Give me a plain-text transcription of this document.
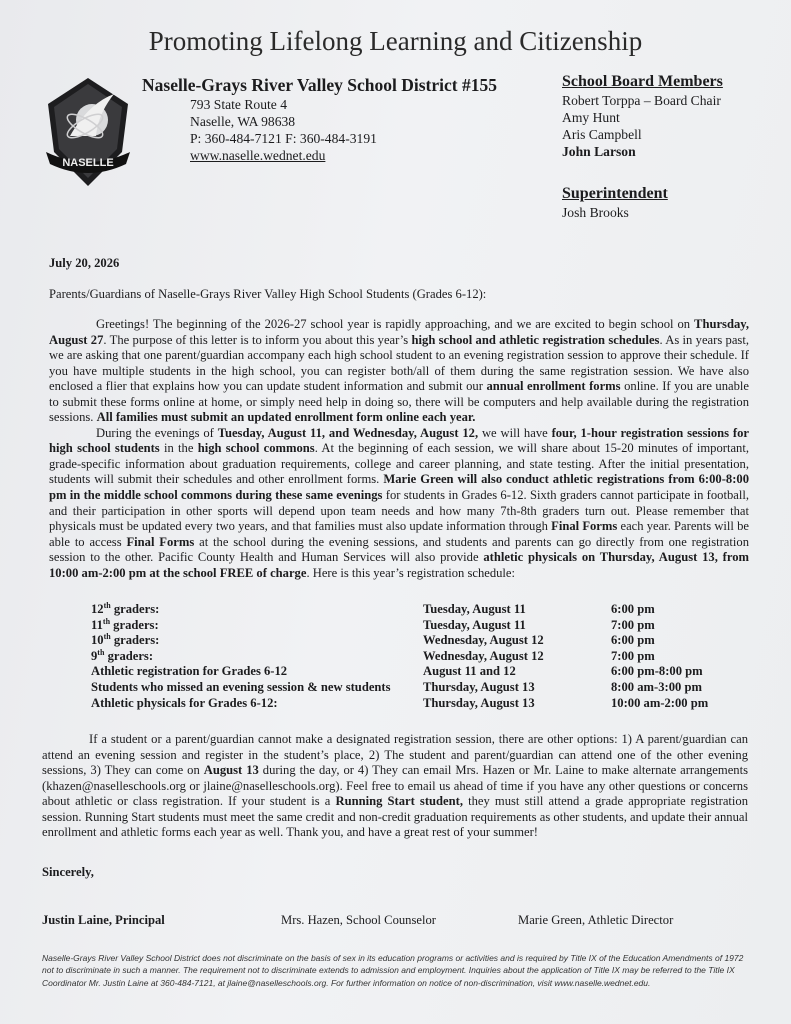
Promoting Lifelong Learning and Citizenship
NASELLE
Naselle-Grays River Valley School District #155
793 State Route 4
Naselle, WA 98638
P: 360-484-7121 F: 360-484-3191
www.naselle.wednet.edu
School Board Members
Robert Torppa – Board Chair
Amy Hunt
Aris Campbell
John Larson
Superintendent
Josh Brooks
July 20, 2026
Parents/Guardians of Naselle-Grays River Valley High School Students (Grades 6-12):

Greetings! The beginning of the 2026-27 school year is rapidly approaching, and we are excited to begin school on Thursday, August 27. The purpose of this letter is to inform you about this year’s high school and athletic registration schedules. As in years past, we are asking that one parent/guardian accompany each high school student to an evening registration session to approve their schedule. If you have multiple students in the high school, you can register both/all of them during the same registration session. We have also enclosed a flier that explains how you can update student information and submit our annual enrollment forms online. If you are unable to submit these forms online at home, or simply need help in doing so, there will be computers and help available during the registration sessions. All families must submit an updated enrollment form online each year.

During the evenings of Tuesday, August 11, and Wednesday, August 12, we will have four, 1-hour registration sessions for high school students in the high school commons. At the beginning of each session, we will share about 15-20 minutes of important, grade-specific information about graduation requirements, college and career planning, and state testing. After the initial presentation, students will submit their schedules and other enrollment forms. Marie Green will also conduct athletic registrations from 6:00-8:00 pm in the middle school commons during these same evenings for students in Grades 6-12. Sixth graders cannot participate in football, and their participation in other sports will depend upon team needs and how many 7th-8th graders turn out. Please remember that physicals must be updated every two years, and that families must also update information through Final Forms each year. Parents will be able to access Final Forms at the school during the evening sessions, and students and parents can go directly from one registration session to the other. Pacific County Health and Human Services will also provide athletic physicals on Thursday, August 13, from 10:00 am-2:00 pm at the school FREE of charge. Here is this year’s registration schedule:

12th graders:	Tuesday, August 11	6:00 pm
11th graders:	Tuesday, August 11	7:00 pm
10th graders:	Wednesday, August 12	6:00 pm
9th graders:	Wednesday, August 12	7:00 pm
Athletic registration for Grades 6-12	August 11 and 12	6:00 pm-8:00 pm
Students who missed an evening session & new students	Thursday, August 13	8:00 am-3:00 pm
Athletic physicals for Grades 6-12:	Thursday, August 13	10:00 am-2:00 pm

If a student or a parent/guardian cannot make a designated registration session, there are other options: 1) A parent/guardian can attend an evening session and register in the student’s place, 2) The student and parent/guardian can attend one of the other evening sessions, 3) They can come on August 13 during the day, or 4) They can email Mrs. Hazen or Mr. Laine to make alternate arrangements (khazen@naselleschools.org or jlaine@naselleschools.org). Feel free to email us ahead of time if you have any other questions or concerns about athletic or class registration. If your student is a Running Start student, they must still attend a grade appropriate registration session. Running Start students must meet the same credit and non-credit graduation requirements as other students, and update their annual enrollment and athletic forms each year as well. Thank you, and have a great rest of your summer!

Sincerely,
Justin Laine, Principal	Mrs. Hazen, School Counselor	Marie Green, Athletic Director
Naselle-Grays River Valley School District does not discriminate on the basis of sex in its education programs or activities and is required by Title IX of the Education Amendments of 1972 not to discriminate in such a manner. The requirement not to discriminate extends to admission and employment. Inquiries about the application of Title IX may be referred to the Title IX Coordinator Mr. Justin Laine at 360-484-7121, at jlaine@naselleschools.org. For further information on notice of non-discrimination, visit www.naselle.wednet.edu.
